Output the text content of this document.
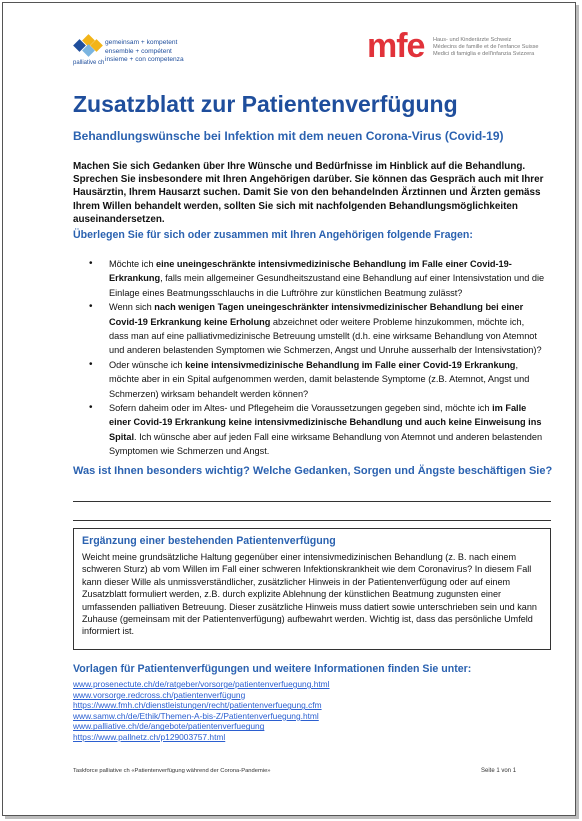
palliative ch
gemeinsam + kompetent
ensemble + compétent
insieme + con competenza	mfe Haus- und Kinderärzte Schweiz
Médecins de famille et de l'enfance Suisse
Medici di famiglia e dell'infanzia Svizzera
Zusatzblatt zur Patientenverfügung
Behandlungswünsche bei Infektion mit dem neuen Corona-Virus (Covid-19)
Machen Sie sich Gedanken über Ihre Wünsche und Bedürfnisse im Hinblick auf die Behandlung. Sprechen Sie insbesondere mit Ihren Angehörigen darüber. Sie können das Gespräch auch mit Ihrer Hausärztin, Ihrem Hausarzt suchen. Damit Sie von den behandelnden Ärztinnen und Ärzten gemäss Ihrem Willen behandelt werden, sollten Sie sich mit nachfolgenden Behandlungsmöglichkeiten auseinandersetzen.
Überlegen Sie für sich oder zusammen mit Ihren Angehörigen folgende Fragen:
• Möchte ich eine uneingeschränkte intensivmedizinische Behandlung im Falle einer Covid-19-Erkrankung, falls mein allgemeiner Gesundheitszustand eine Behandlung auf einer Intensivstation und die Einlage eines Beatmungsschlauchs in die Luftröhre zur künstlichen Beatmung zulässt?
• Wenn sich nach wenigen Tagen uneingeschränkter intensivmedizinischer Behandlung bei einer Covid-19 Erkrankung keine Erholung abzeichnet oder weitere Probleme hinzukommen, möchte ich, dass man auf eine palliativmedizinische Betreuung umstellt (d.h. eine wirksame Behandlung von Atemnot und anderen belastenden Symptomen wie Schmerzen, Angst und Unruhe ausserhalb der Intensivstation)?
• Oder wünsche ich keine intensivmedizinische Behandlung im Falle einer Covid-19 Erkrankung, möchte aber in ein Spital aufgenommen werden, damit belastende Symptome (z.B. Atemnot, Angst und Schmerzen) wirksam behandelt werden können?
• Sofern daheim oder im Altes- und Pflegeheim die Voraussetzungen gegeben sind, möchte ich im Falle einer Covid-19 Erkrankung keine intensivmedizinische Behandlung und auch keine Einweisung ins Spital. Ich wünsche aber auf jeden Fall eine wirksame Behandlung von Atemnot und anderen belastenden Symptomen wie Schmerzen und Angst.
Was ist Ihnen besonders wichtig? Welche Gedanken, Sorgen und Ängste beschäftigen Sie?
Ergänzung einer bestehenden Patientenverfügung
Weicht meine grundsätzliche Haltung gegenüber einer intensivmedizinischen Behandlung (z. B. nach einem schweren Sturz) ab vom Willen im Fall einer schweren Infektionskrankheit wie dem Coronavirus? In diesem Fall kann dieser Wille als unmissverständlicher, zusätzlicher Hinweis in der Patientenverfügung oder auf einem Zusatzblatt formuliert werden, z.B. durch explizite Ablehnung der künstlichen Beatmung zugunsten einer umfassenden palliativen Betreuung. Dieser zusätzliche Hinweis muss datiert sowie unterschrieben sein und kann Zuhause (gemeinsam mit der Patientenverfügung) aufbewahrt werden. Wichtig ist, dass das persönliche Umfeld informiert ist.
Vorlagen für Patientenverfügungen und weitere Informationen finden Sie unter:
www.prosenectute.ch/de/ratgeber/vorsorge/patientenverfuegung.html
www.vorsorge.redcross.ch/patientenverfügung
https://www.fmh.ch/dienstleistungen/recht/patientenverfuegung.cfm
www.samw.ch/de/Ethik/Themen-A-bis-Z/Patientenverfuegung.html
www.palliative.ch/de/angebote/patientenverfuegung
https://www.pallnetz.ch/p129003757.html
Taskforce palliative ch «Patientenverfügung während der Corona-Pandemie»	Seite 1 von 1
